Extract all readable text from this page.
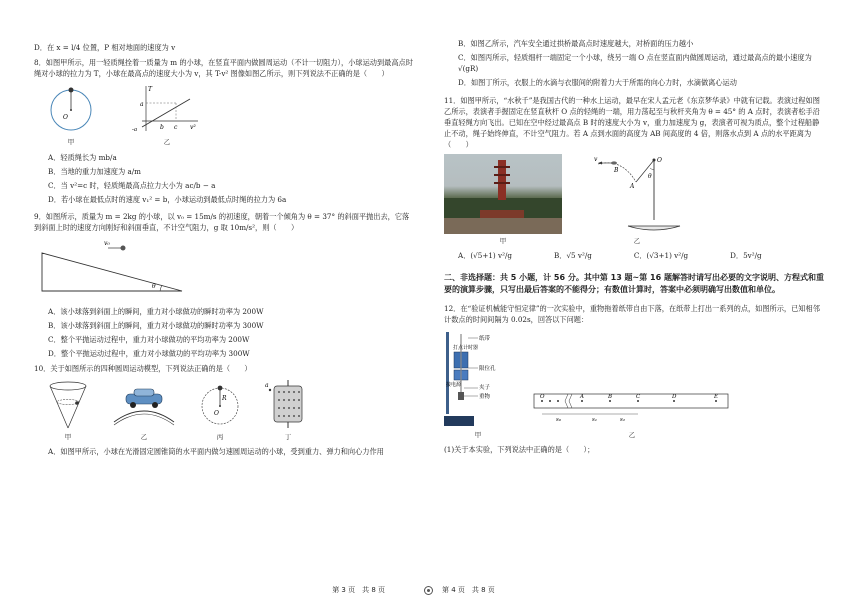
D．在 x = l/4 位置，P 相对地面的速度为 v
8．如图甲所示，用一轻质绳拴着一质量为 m 的小球，在竖直平面内做圆周运动（不计一切阻力），小球运动到最高点时绳对小球的拉力为 T，小球在最高点的速度大小为 v，其 T-v² 图像如图乙所示，则下列说法不正确的是（　　）
O
甲
T
a
b c v²
-a
乙
A．轻质绳长为 mb/a
B．当地的重力加速度为 a/m
C．当 v²=c 时，轻质绳最高点拉力大小为 ac/b − a
D．若小球在最低点时的速度 v₁² = b，小球运动到最低点时绳的拉力为 6a
9．如图所示，质量为 m = 2kg 的小球，以 v₀ = 15m/s 的初速度，朝着一个倾角为 θ = 37° 的斜面平抛出去，它落到斜面上时的速度方向刚好和斜面垂直，不计空气阻力，g 取 10m/s²，则（　　）
v₀
θ
A．该小球落到斜面上的瞬间，重力对小球做功的瞬时功率为 200W
B．该小球落到斜面上的瞬间，重力对小球做功的瞬时功率为 300W
C．整个平抛运动过程中，重力对小球做功的平均功率为 200W
D．整个平抛运动过程中，重力对小球做功的平均功率为 300W
10．关于如图所示的四种圆周运动模型，下列说法正确的是（　　）
甲	乙
R
O
丙
a
丁
A．如图甲所示，小球在光滑固定圆锥筒的水平面内做匀速圆周运动的小球，受到重力、弹力和向心力作用
第 3 页　共 8 页
B．如图乙所示，汽车安全通过拱桥最高点时速度越大，对桥面的压力越小
C．如图丙所示，轻质细杆一端固定一个小球，绕另一端 O 点在竖直面内做圆周运动，通过最高点的最小速度为 √(gR)
D．如图丁所示，衣服上的水滴与衣服间的附着力大于所需的向心力时，水滴做离心运动
11．如图甲所示，“水秋千”是我国古代的一种水上运动，最早在宋人孟元老《东京梦华录》中就有记载。表演过程如图乙所示，表演者手握固定在竖直秋杆 O 点的轻绳的一端，用力荡起至与秋杆夹角为 θ = 45° 的 A 点时，表演者松手沿垂直轻绳方向飞出。已知在空中经过最高点 B 时的速度大小为 v，重力加速度为 g，表演者可视为质点，整个过程船静止不动，绳子始终伸直，不计空气阻力。若 A 点到水面的高度为 AB 间高度的 4 倍，则落水点到 A 点的水平距离为（　　）
甲
v
B
A
O
θ
乙
A．(√5+1) v²/g	B．√5 v²/g	C．(√3+1) v²/g	D．5v²/g
二、非选择题：共 5 小题，计 56 分。其中第 13 题~第 16 题解答时请写出必要的文字说明、方程式和重要的演算步骤，只写出最后答案的不能得分；有数值计算时，答案中必须明确写出数值和单位。
12．在“验证机械能守恒定律”的一次实验中，重物拖着纸带自由下落，在纸带上打出一系列的点，如图所示，已知相邻计数点的时间间隔为 0.02s，回答以下问题：
纸带
打点计时器
限位孔
夹子
接电源
重物
甲
O	A	B	C	D	E
s₀	s₁	s₂
乙
(1)关于本实验，下列说法中正确的是（　　）；
第 4 页　共 8 页
